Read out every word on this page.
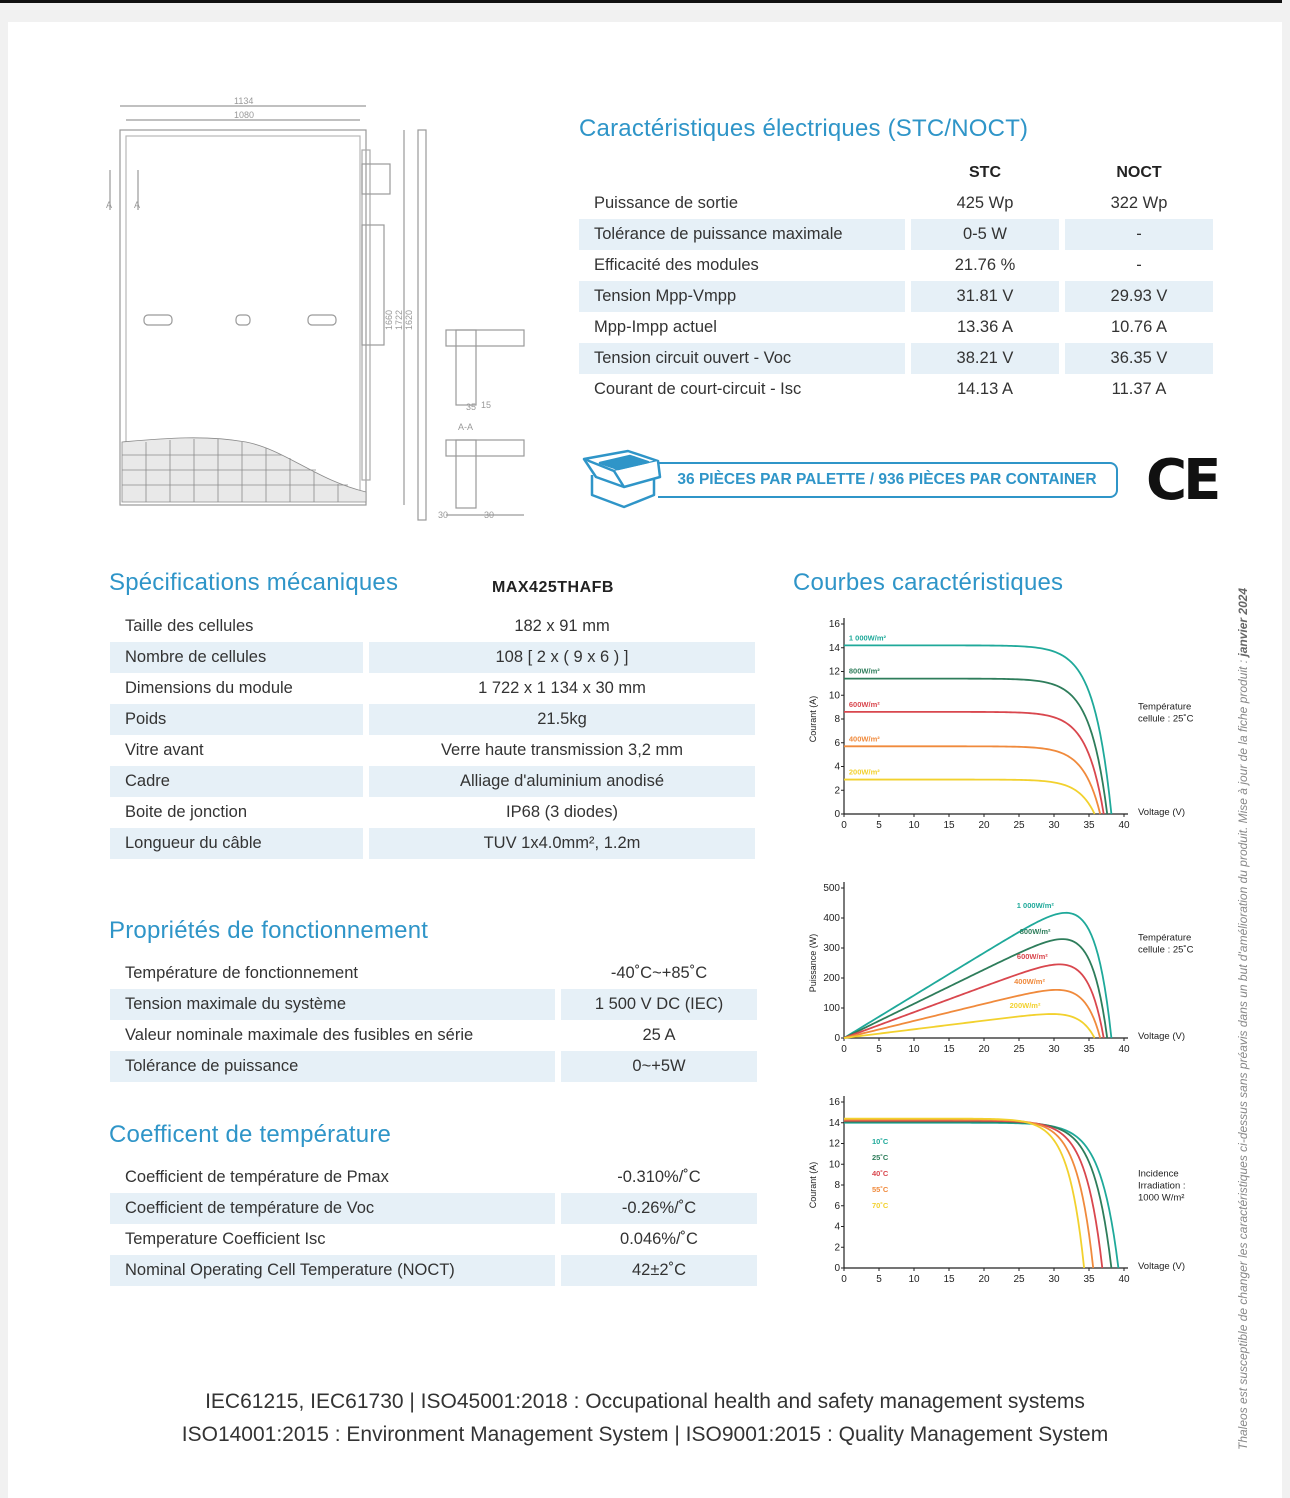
1134
1080
1660 1722 1620
A-A
35 15
30	30
A A
Caractéristiques électriques (STC/NOCT)
		STC		NOCT
Puissance de sortie		425 Wp		322 Wp
Tolérance de puissance maximale		0-5 W		-
Efficacité des modules		21.76 %		-
Tension Mpp-Vmpp		31.81 V		29.93 V
Mpp-Impp actuel		13.36 A		10.76 A
Tension circuit ouvert - Voc		38.21 V		36.35 V
Courant de court-circuit - Isc		14.13 A		11.37 A
36 PIÈCES PAR PALETTE / 936 PIÈCES PAR CONTAINER CE
Spécifications mécaniques	MAX425THAFB
Taille des cellules		182 x 91 mm
Nombre de cellules		108 [ 2 x ( 9 x 6 ) ]
Dimensions du module		1 722 x 1 134 x 30 mm
Poids		21.5kg
Vitre avant		Verre haute transmission 3,2 mm
Cadre		Alliage d'aluminium anodisé
Boite de jonction		IP68 (3 diodes)
Longueur du câble		TUV 1x4.0mm², 1.2m
Propriétés de fonctionnement
Température de fonctionnement		-40˚C~+85˚C
Tension maximale du système		1 500 V DC (IEC)
Valeur nominale maximale des fusibles en série		25 A
Tolérance de puissance		0~+5W
Coefficent de température
Coefficient de température de Pmax		-0.310%/˚C
Coefficient de température de Voc		-0.26%/˚C
Temperature Coefficient Isc		0.046%/˚C
Nominal Operating Cell Temperature (NOCT)		42±2˚C
Courbes caractéristiques
0
2
4
6
8
10
12
14
16
0	5	10 15 20 25 30 35 40
Courant (A)
Voltage (V)
Température
cellule : 25˚C
1 000W/m²
800W/m²
600W/m²
400W/m²
200W/m²
0
100
200
300
400
500
0	5	10 15 20 25 30 35 40
Puissance (W)
Voltage (V)
Température
cellule : 25˚C
1 000W/m²
800W/m²
600W/m²
400W/m²
200W/m²
0
2
4
6
8
10
12
14
16
0	5	10 15 20 25 30 35 40
Courant (A)
Voltage (V)
Incidence
Irradiation :
1000 W/m²
10˚C
25˚C
40˚C
55˚C
70˚C
IEC61215, IEC61730 | ISO45001:2018 : Occupational health and safety management systems
ISO14001:2015 : Environment Management System | ISO9001:2015 : Quality Management System	Thaleos est susceptible de changer les caractéristiques ci-dessus sans préavis dans un but d'amélioration du produit. Mise à jour de la fiche produit : janvier 2024
